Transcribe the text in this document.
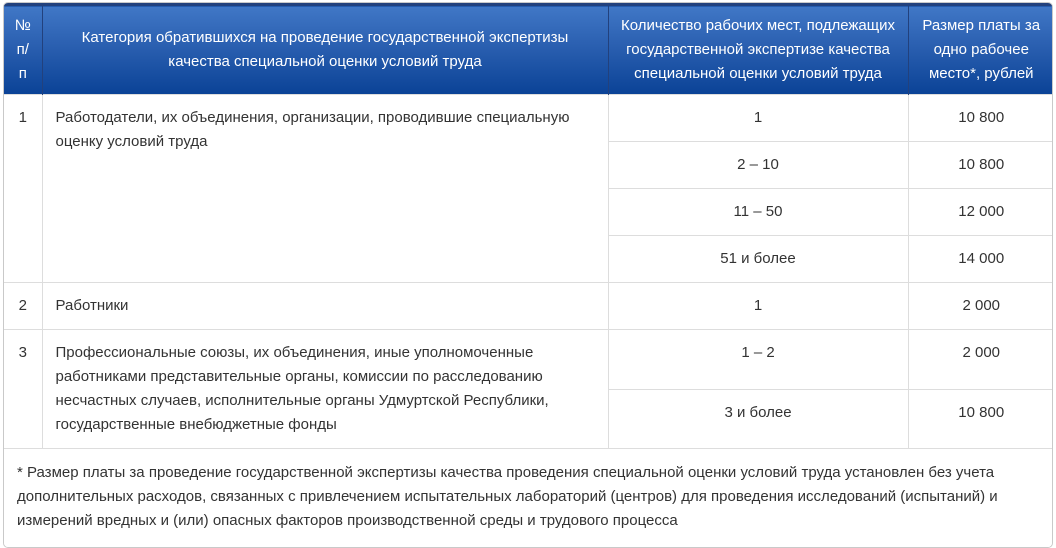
№ п/п	Категория обратившихся на проведение государственной экспертизы качества специальной оценки условий труда	Количество рабочих мест, подлежащих государственной экспертизе качества специальной оценки условий труда	Размер платы за одно рабочее место*, рублей
1	Работодатели, их объединения, организации, проводившие специальную оценку условий труда	1	10 800
		2 – 10	10 800
		11 – 50	12 000
		51 и более	14 000
2	Работники	1	2 000
3	Профессиональные союзы, их объединения, иные уполномоченные работниками представительные органы, комиссии по расследованию несчастных случаев, исполнительные органы Удмуртской Республики, государственные внебюджетные фонды	1 – 2	2 000
		3 и более	10 800
* Размер платы за проведение государственной экспертизы качества проведения специальной оценки условий труда установлен без учета дополнительных расходов, связанных с привлечением испытательных лабораторий (центров) для проведения исследований (испытаний) и измерений вредных и (или) опасных факторов производственной среды и трудового процесса			
